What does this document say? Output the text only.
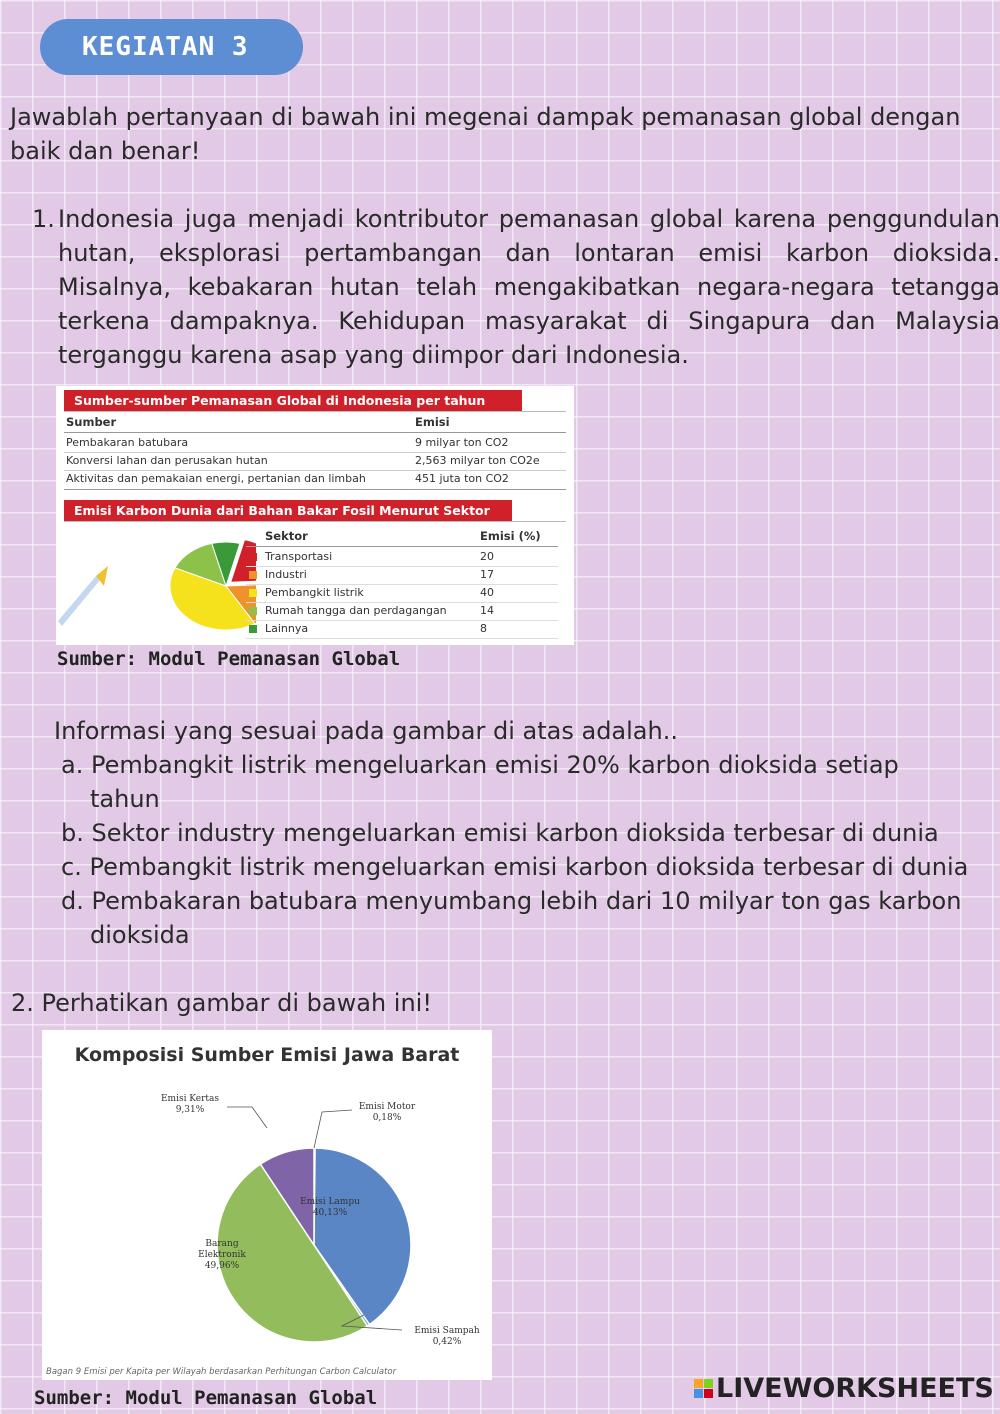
KEGIATAN 3
Jawablah pertanyaan di bawah ini megenai dampak pemanasan global dengan baik dan benar!
1. Indonesia juga menjadi kontributor pemanasan global karena penggundulan hutan, eksplorasi pertambangan dan lontaran emisi karbon dioksida. Misalnya, kebakaran hutan telah mengakibatkan negara-negara tetangga terkena dampaknya. Kehidupan masyarakat di Singapura dan Malaysia terganggu karena asap yang diimpor dari Indonesia.
Sumber-sumber Pemanasan Global di Indonesia per tahun
Sumber	Emisi
Pembakaran batubara	9 milyar ton CO2
Konversi lahan dan perusakan hutan	2,563 milyar ton CO2e
Aktivitas dan pemakaian energi, pertanian dan limbah	451 juta ton CO2
Emisi Karbon Dunia dari Bahan Bakar Fosil Menurut Sektor
Sektor	Emisi (%)
Transportasi	20
Industri	17
Pembangkit listrik	40
Rumah tangga dan perdagangan	14
Lainnya	8
Sumber: Modul Pemanasan Global
Informasi yang sesuai pada gambar di atas adalah..
a. Pembangkit listrik mengeluarkan emisi 20% karbon dioksida setiap
tahun
b. Sektor industry mengeluarkan emisi karbon dioksida terbesar di dunia
c. Pembangkit listrik mengeluarkan emisi karbon dioksida terbesar di dunia
d. Pembakaran batubara menyumbang lebih dari 10 milyar ton gas karbon
dioksida
2. Perhatikan gambar di bawah ini!
Komposisi Sumber Emisi Jawa Barat
Emisi Kertas
9,31%	Emisi Motor
0,18%
Emisi Lampu
40,13%
Barang Elektronik
49,96%
Emisi Sampah
0,42%
Bagan 9 Emisi per Kapita per Wilayah berdasarkan Perhitungan Carbon Calculator
Sumber: Modul Pemanasan Global	LIVEWORKSHEETS
